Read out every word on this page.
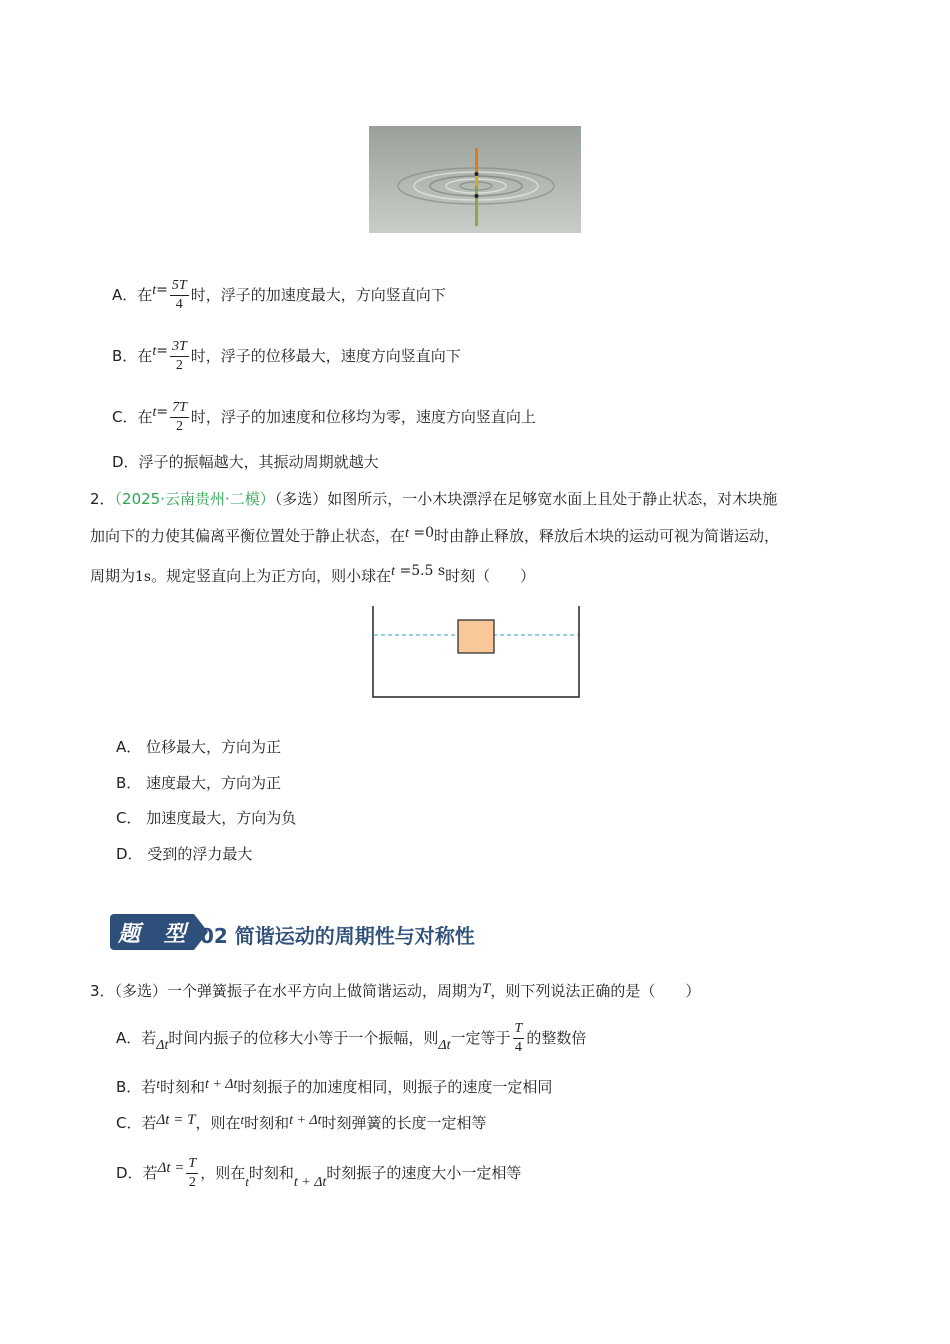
A．在$t= \frac{5T}{4}$ 时，浮子的加速度最大，方向竖直向下
B．在$t= \frac{3T}{2}$ 时，浮子的位移最大，速度方向竖直向下
C．在$t= \frac{7T}{2}$ 时，浮子的加速度和位移均为零，速度方向竖直向上
D．浮子的振幅越大，其振动周期就越大
2．（2025·云南贵州·二模）（多选）如图所示，一小木块漂浮在足够宽水面上且处于静止状态，对木块施
加向下的力使其偏离平衡位置处于静止状态，在t =0时由静止释放，释放后木块的运动可视为简谐运动，
周期为1s。规定竖直向上为正方向，则小球在t =5.5 s时刻（　　）
A． 位移最大，方向为正
B． 速度最大，方向为正
C． 加速度最大，方向为负
D． 受到的浮力最大
题 型 02 简谐运动的周期性与对称性
3．（多选）一个弹簧振子在水平方向上做简谐运动，周期为T，则下列说法正确的是（　　）
A．若Δt时间内振子的位移大小等于一个振幅，则Δt一定等于 $\frac{T}{4}$ 的整数倍
B．若t时刻和t + Δt时刻振子的加速度相同，则振子的速度一定相同
C．若Δt = T，则在t时刻和t + Δt时刻弹簧的长度一定相等
D．若$\Delta t = \frac{T}{2}$ ，则在t时刻和t + Δt时刻振子的速度大小一定相等
